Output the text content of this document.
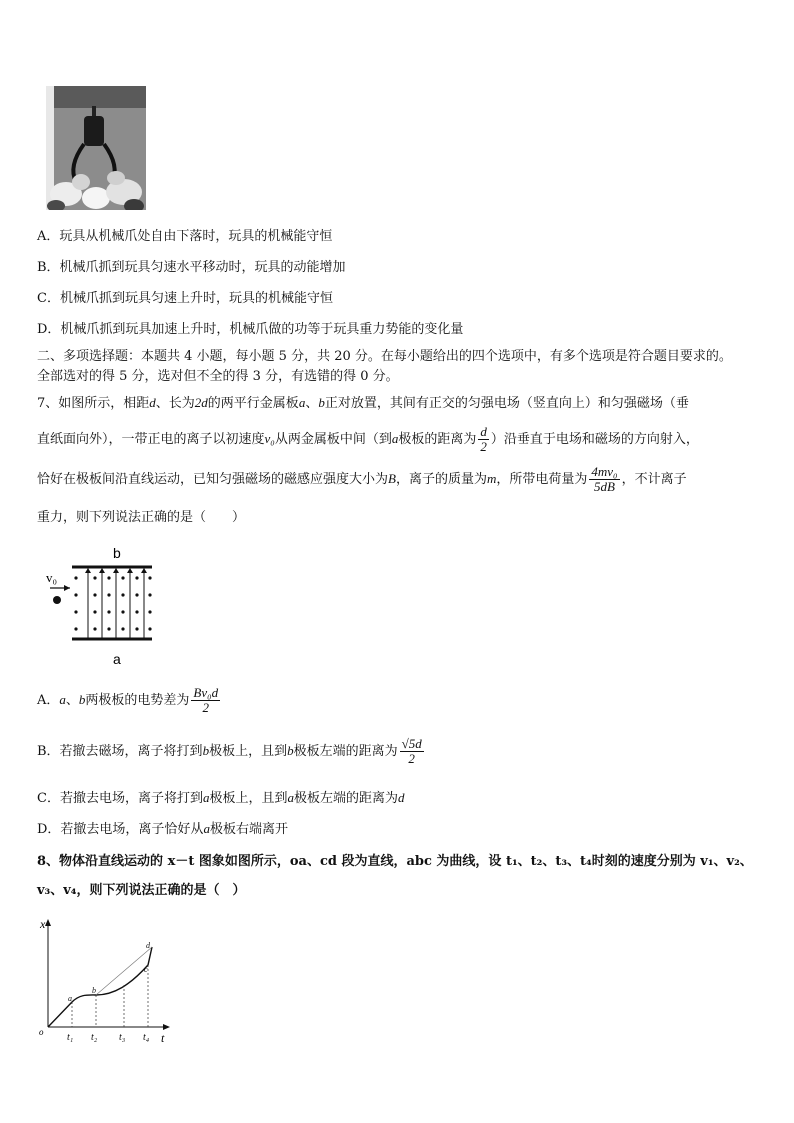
A．玩具从机械爪处自由下落时，玩具的机械能守恒
B．机械爪抓到玩具匀速水平移动时，玩具的动能增加
C．机械爪抓到玩具匀速上升时，玩具的机械能守恒
D．机械爪抓到玩具加速上升时，机械爪做的功等于玩具重力势能的变化量
二、多项选择题：本题共 4 小题，每小题 5 分，共 20 分。在每小题给出的四个选项中，有多个选项是符合题目要求的。
全部选对的得 5 分，选对但不全的得 3 分，有选错的得 0 分。
7、如图所示，相距d、长为2d的两平行金属板a、b正对放置，其间有正交的匀强电场（竖直向上）和匀强磁场（垂
直纸面向外），一带正电的离子以初速度v₀从两金属板中间（到a极板的距离为 $\frac{d}{2}$ ）沿垂直于电场和磁场的方向射入，
恰好在极板间沿直线运动，已知匀强磁场的磁感应强度大小为B，离子的质量为m，所带电荷量为 $\frac{\text{4mv₀}}{5dB}$ ，不计离子
重力，则下列说法正确的是（　　）
b
v₀
a
A．a、b两极板的电势差为 $\frac{\text{Bv₀d}}{2}$
B．若撤去磁场，离子将打到b极板上，且到b极板左端的距离为 $\frac{√5d}{2}$
C．若撤去电场，离子将打到a极板上，且到a极板左端的距离为d
D．若撤去电场，离子恰好从a极板右端离开
8、物体沿直线运动的 x－t 图象如图所示，oa、cd 段为直线，abc 为曲线，设 t₁、t₂、t₃、t₄时刻的速度分别为 v₁、v₂、
v₃、v₄，则下列说法正确的是（　）
x
t
o
a
b
c
d
t₁ t₂ t₃ t₄
